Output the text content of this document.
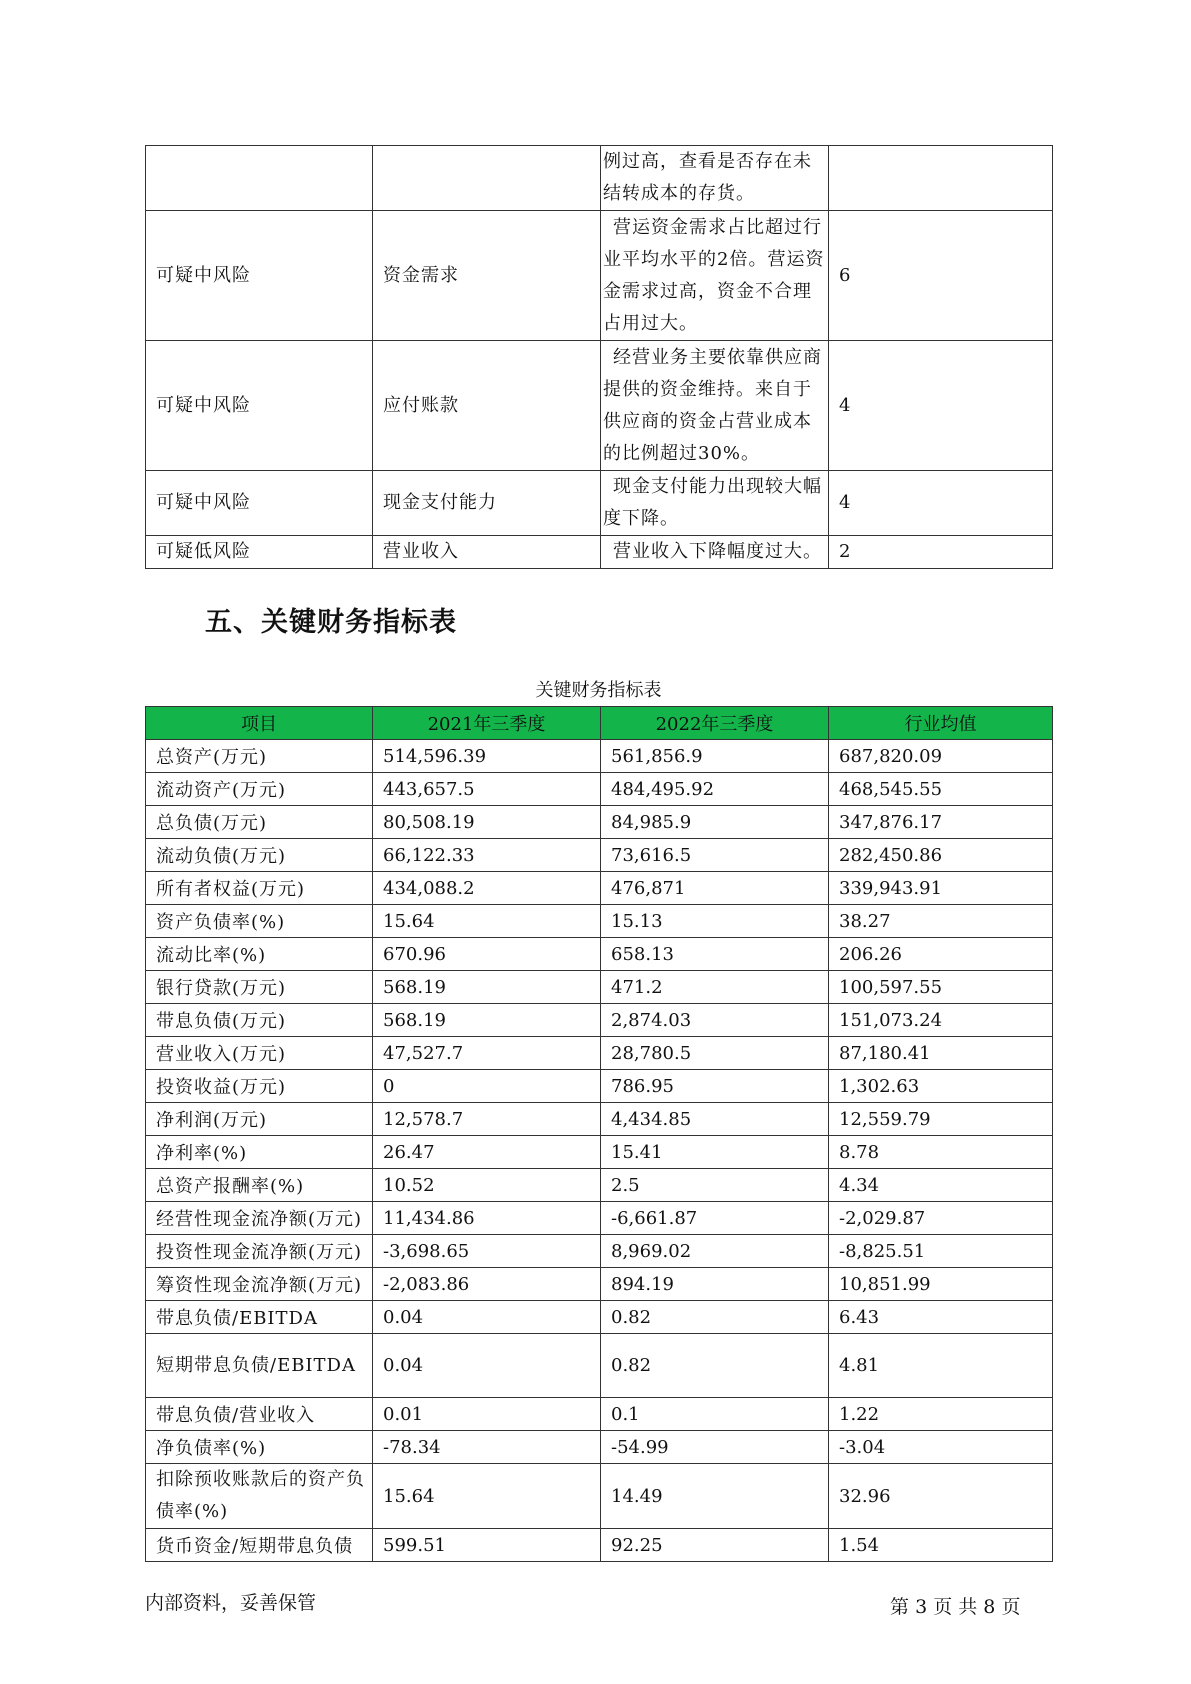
		例过高，查看是否存在未结转成本的存货。	
可疑中风险	资金需求	营运资金需求占比超过行业平均水平的2倍。营运资金需求过高，资金不合理占用过大。	6
可疑中风险	应付账款	经营业务主要依靠供应商提供的资金维持。来自于供应商的资金占营业成本的比例超过30%。	4
可疑中风险	现金支付能力	现金支付能力出现较大幅度下降。	4
可疑低风险	营业收入	营业收入下降幅度过大。	2
五、关键财务指标表
关键财务指标表
项目	2021年三季度	2022年三季度	行业均值
总资产(万元)	514,596.39	561,856.9	687,820.09
流动资产(万元)	443,657.5	484,495.92	468,545.55
总负债(万元)	80,508.19	84,985.9	347,876.17
流动负债(万元)	66,122.33	73,616.5	282,450.86
所有者权益(万元)	434,088.2	476,871	339,943.91
资产负债率(%)	15.64	15.13	38.27
流动比率(%)	670.96	658.13	206.26
银行贷款(万元)	568.19	471.2	100,597.55
带息负债(万元)	568.19	2,874.03	151,073.24
营业收入(万元)	47,527.7	28,780.5	87,180.41
投资收益(万元)	0	786.95	1,302.63
净利润(万元)	12,578.7	4,434.85	12,559.79
净利率(%)	26.47	15.41	8.78
总资产报酬率(%)	10.52	2.5	4.34
经营性现金流净额(万元)	11,434.86	-6,661.87	-2,029.87
投资性现金流净额(万元)	-3,698.65	8,969.02	-8,825.51
筹资性现金流净额(万元)	-2,083.86	894.19	10,851.99
带息负债/EBITDA	0.04	0.82	6.43
短期带息负债/EBITDA	0.04	0.82	4.81
带息负债/营业收入	0.01	0.1	1.22
净负债率(%)	-78.34	-54.99	-3.04
扣除预收账款后的资产负债率(%)	15.64	14.49	32.96
货币资金/短期带息负债	599.51	92.25	1.54
内部资料，妥善保管	第 3 页 共 8 页
